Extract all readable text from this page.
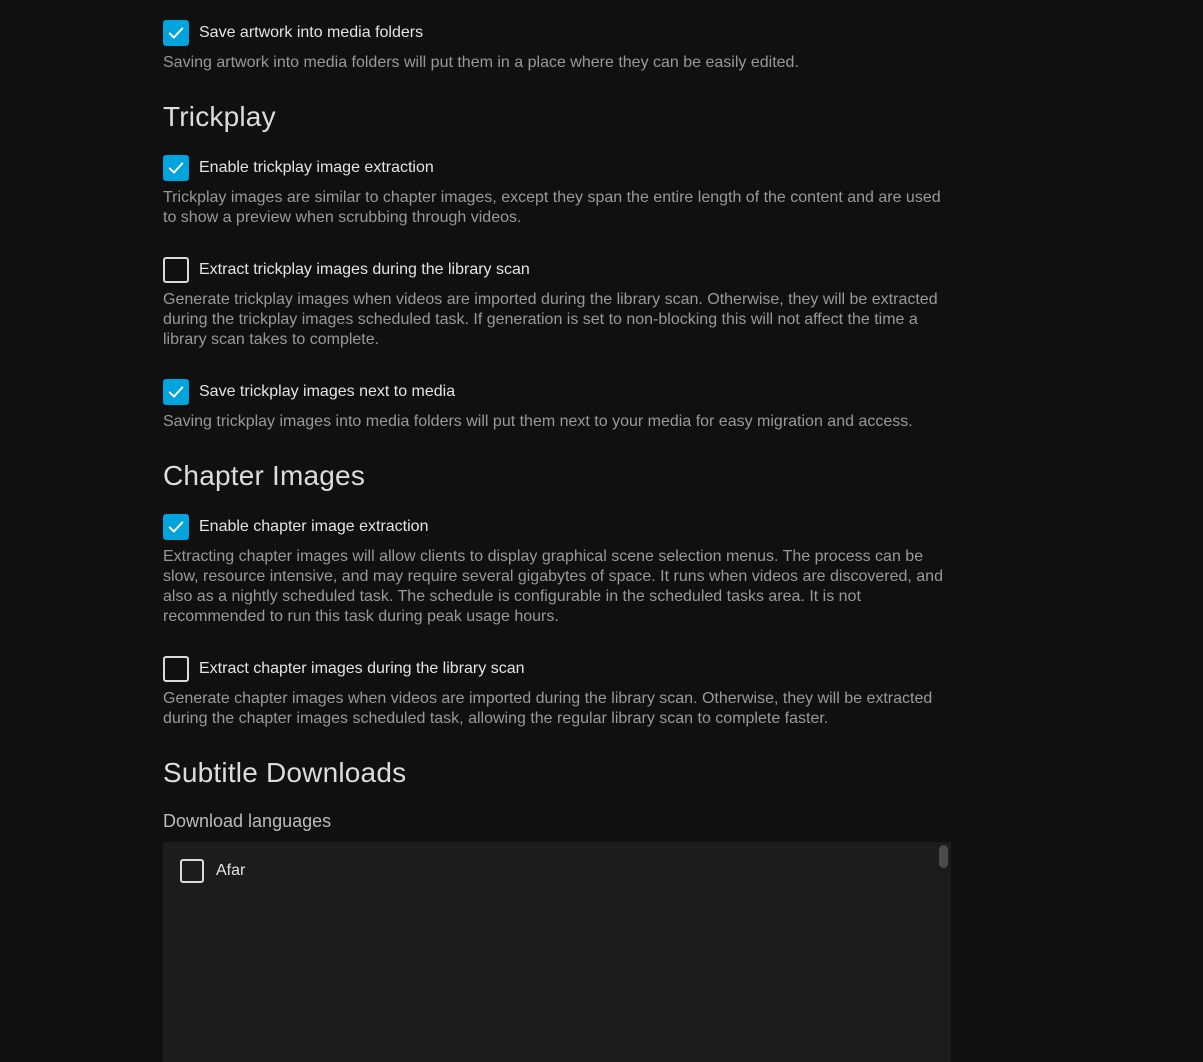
Save artwork into media folders
Saving artwork into media folders will put them in a place where they can be easily edited.
Trickplay
Enable trickplay image extraction
Trickplay images are similar to chapter images, except they span the entire length of the content and are used to show a preview when scrubbing through videos.
Extract trickplay images during the library scan
Generate trickplay images when videos are imported during the library scan. Otherwise, they will be extracted during the trickplay images scheduled task. If generation is set to non-blocking this will not affect the time a library scan takes to complete.
Save trickplay images next to media
Saving trickplay images into media folders will put them next to your media for easy migration and access.
Chapter Images
Enable chapter image extraction
Extracting chapter images will allow clients to display graphical scene selection menus. The process can be slow, resource intensive, and may require several gigabytes of space. It runs when videos are discovered, and also as a nightly scheduled task. The schedule is configurable in the scheduled tasks area. It is not recommended to run this task during peak usage hours.
Extract chapter images during the library scan
Generate chapter images when videos are imported during the library scan. Otherwise, they will be extracted during the chapter images scheduled task, allowing the regular library scan to complete faster.
Subtitle Downloads
Download languages
Afar
